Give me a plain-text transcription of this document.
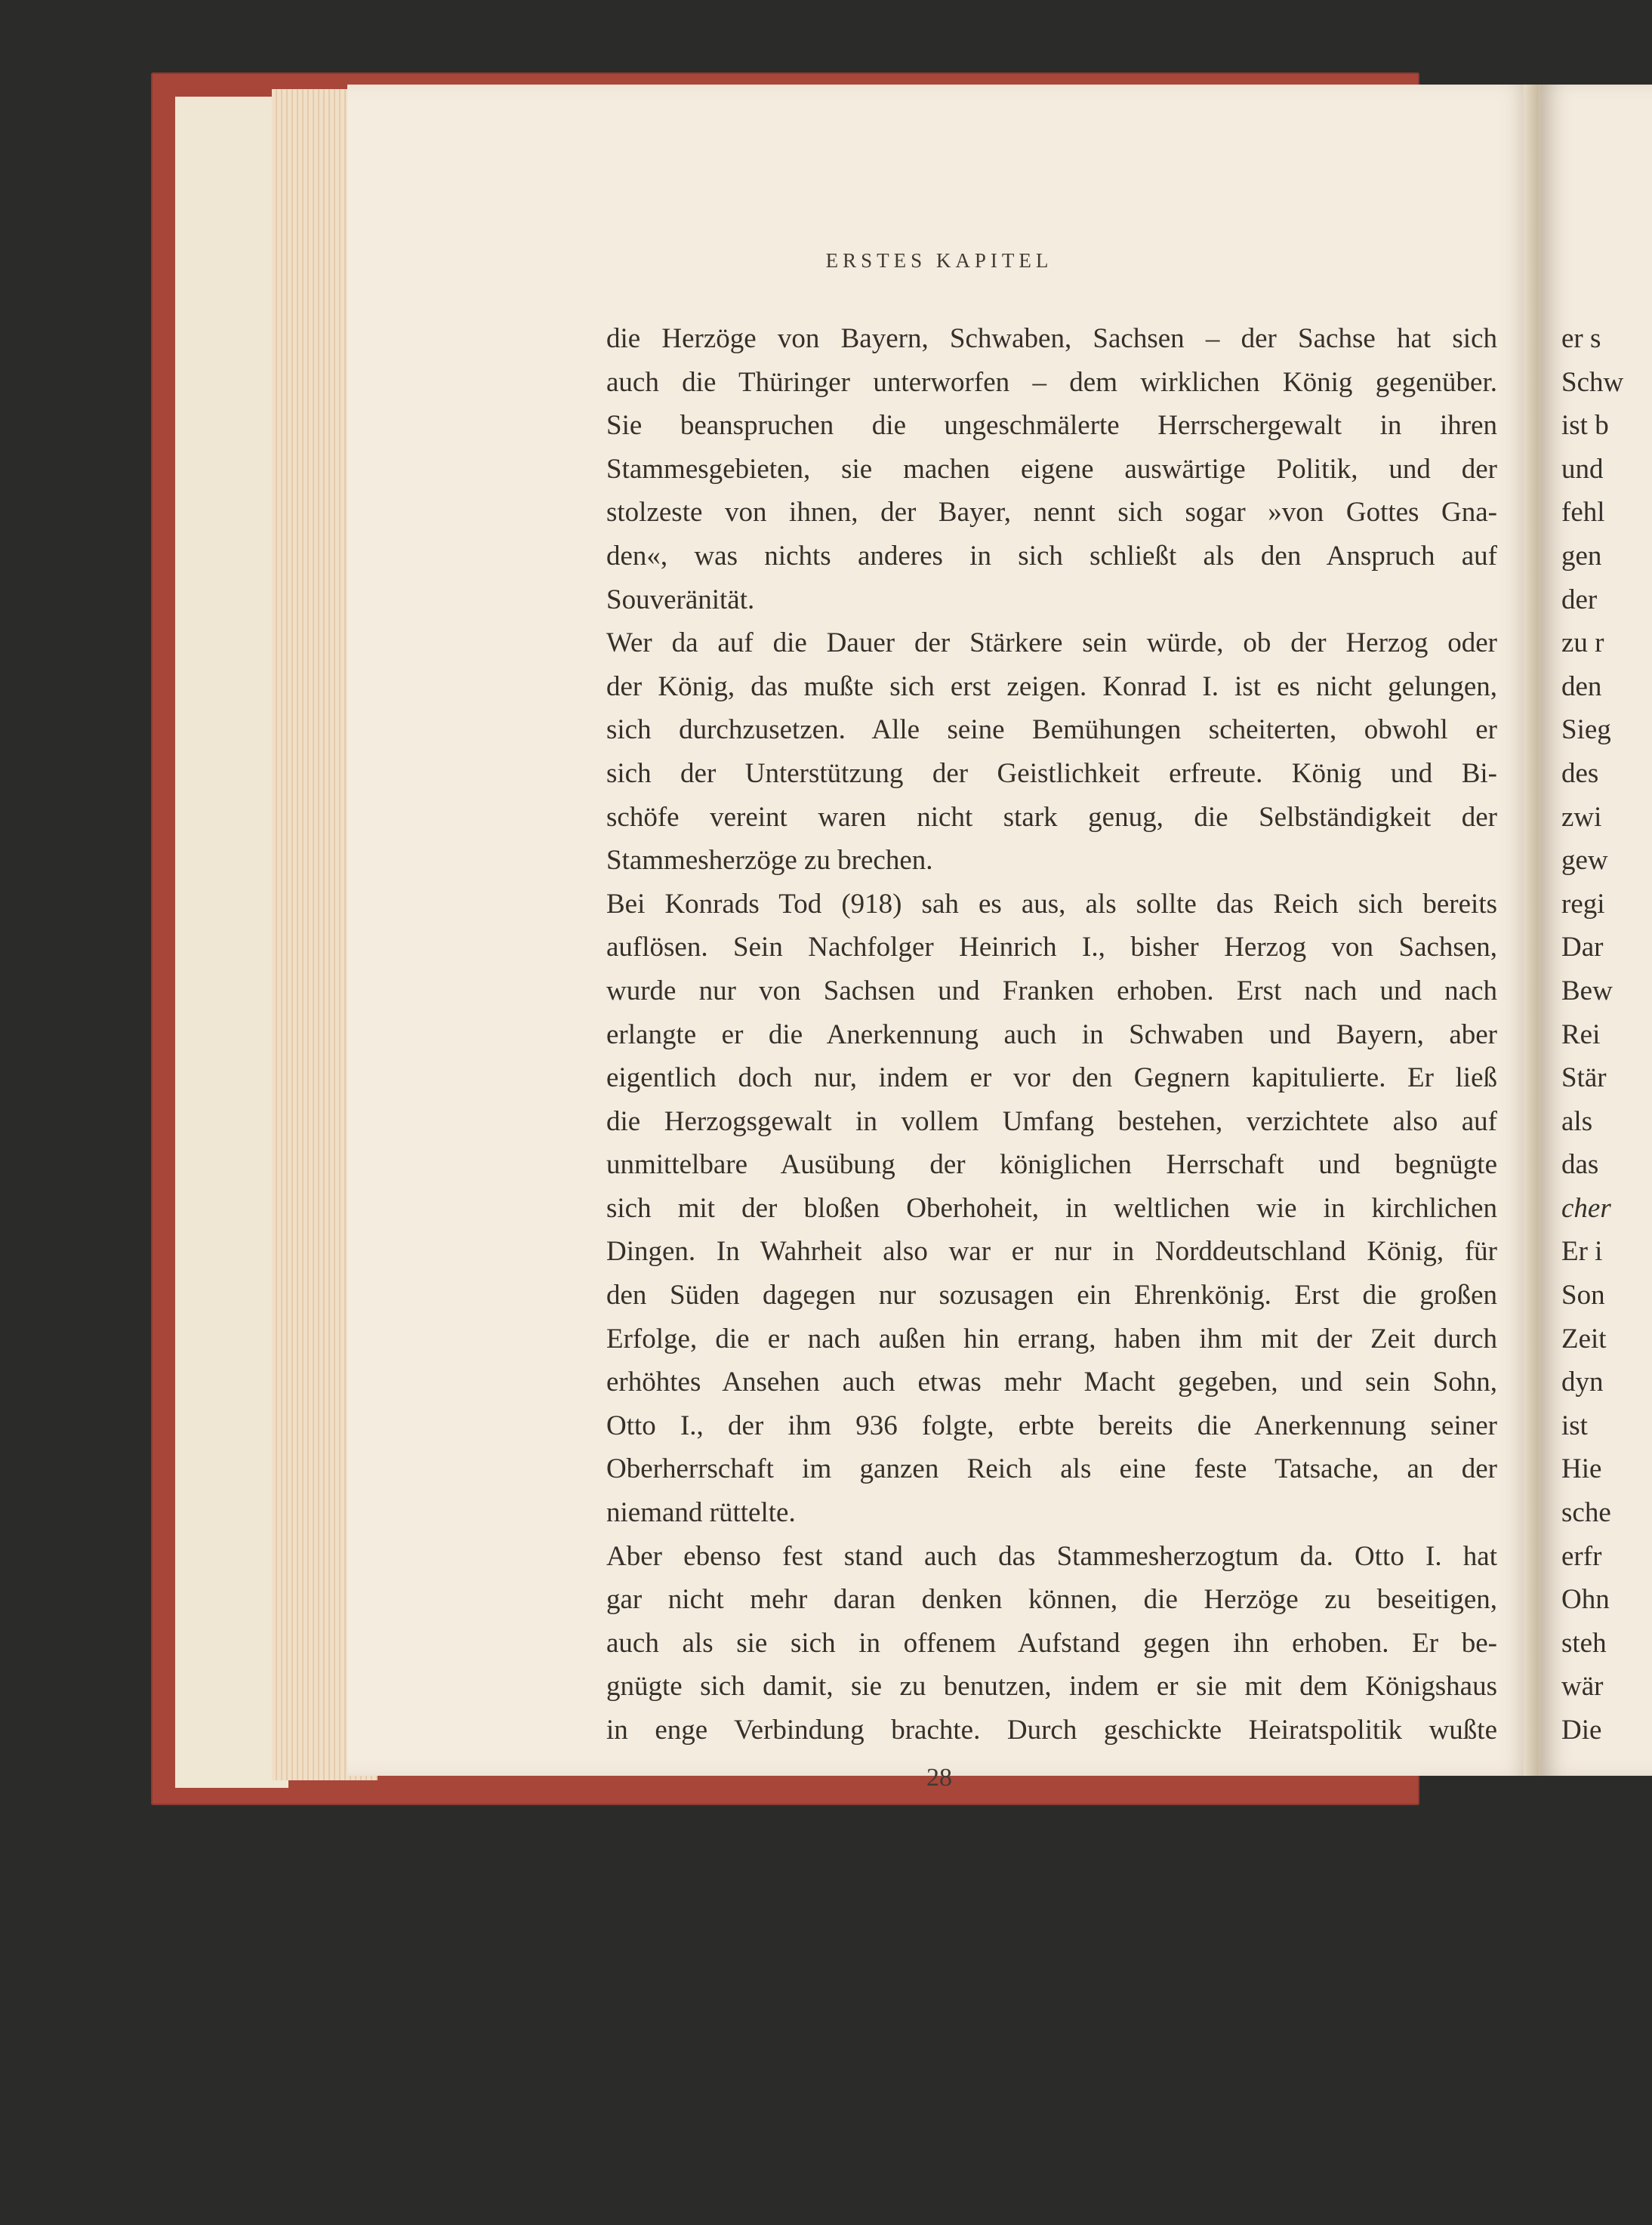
ERSTES KAPITEL
die Herzöge von Bayern, Schwaben, Sachsen – der Sachse hat sich
auch die Thüringer unterworfen – dem wirklichen König gegenüber.
Sie beanspruchen die ungeschmälerte Herrschergewalt in ihren
Stammesgebieten, sie machen eigene auswärtige Politik, und der
stolzeste von ihnen, der Bayer, nennt sich sogar »von Gottes Gna-
den«, was nichts anderes in sich schließt als den Anspruch auf
Souveränität.
Wer da auf die Dauer der Stärkere sein würde, ob der Herzog oder
der König, das mußte sich erst zeigen. Konrad I. ist es nicht gelungen,
sich durchzusetzen. Alle seine Bemühungen scheiterten, obwohl er
sich der Unterstützung der Geistlichkeit erfreute. König und Bi-
schöfe vereint waren nicht stark genug, die Selbständigkeit der
Stammesherzöge zu brechen.
Bei Konrads Tod (918) sah es aus, als sollte das Reich sich bereits
auflösen. Sein Nachfolger Heinrich I., bisher Herzog von Sachsen,
wurde nur von Sachsen und Franken erhoben. Erst nach und nach
erlangte er die Anerkennung auch in Schwaben und Bayern, aber
eigentlich doch nur, indem er vor den Gegnern kapitulierte. Er ließ
die Herzogsgewalt in vollem Umfang bestehen, verzichtete also auf
unmittelbare Ausübung der königlichen Herrschaft und begnügte
sich mit der bloßen Oberhoheit, in weltlichen wie in kirchlichen
Dingen. In Wahrheit also war er nur in Norddeutschland König, für
den Süden dagegen nur sozusagen ein Ehrenkönig. Erst die großen
Erfolge, die er nach außen hin errang, haben ihm mit der Zeit durch
erhöhtes Ansehen auch etwas mehr Macht gegeben, und sein Sohn,
Otto I., der ihm 936 folgte, erbte bereits die Anerkennung seiner
Oberherrschaft im ganzen Reich als eine feste Tatsache, an der
niemand rüttelte.
Aber ebenso fest stand auch das Stammesherzogtum da. Otto I. hat
gar nicht mehr daran denken können, die Herzöge zu beseitigen,
auch als sie sich in offenem Aufstand gegen ihn erhoben. Er be-
gnügte sich damit, sie zu benutzen, indem er sie mit dem Königshaus
in enge Verbindung brachte. Durch geschickte Heiratspolitik wußte
er s
Schw
ist b
und
fehl
gen
der
zu r
den
Sieg
des
zwi
gew
regi
Dar
Bew
Rei
Stär
als
das
cher
Er i
Son
Zeit
dyn
ist
Hie
sche
erfr
Ohn
steh
wär
Die
28
